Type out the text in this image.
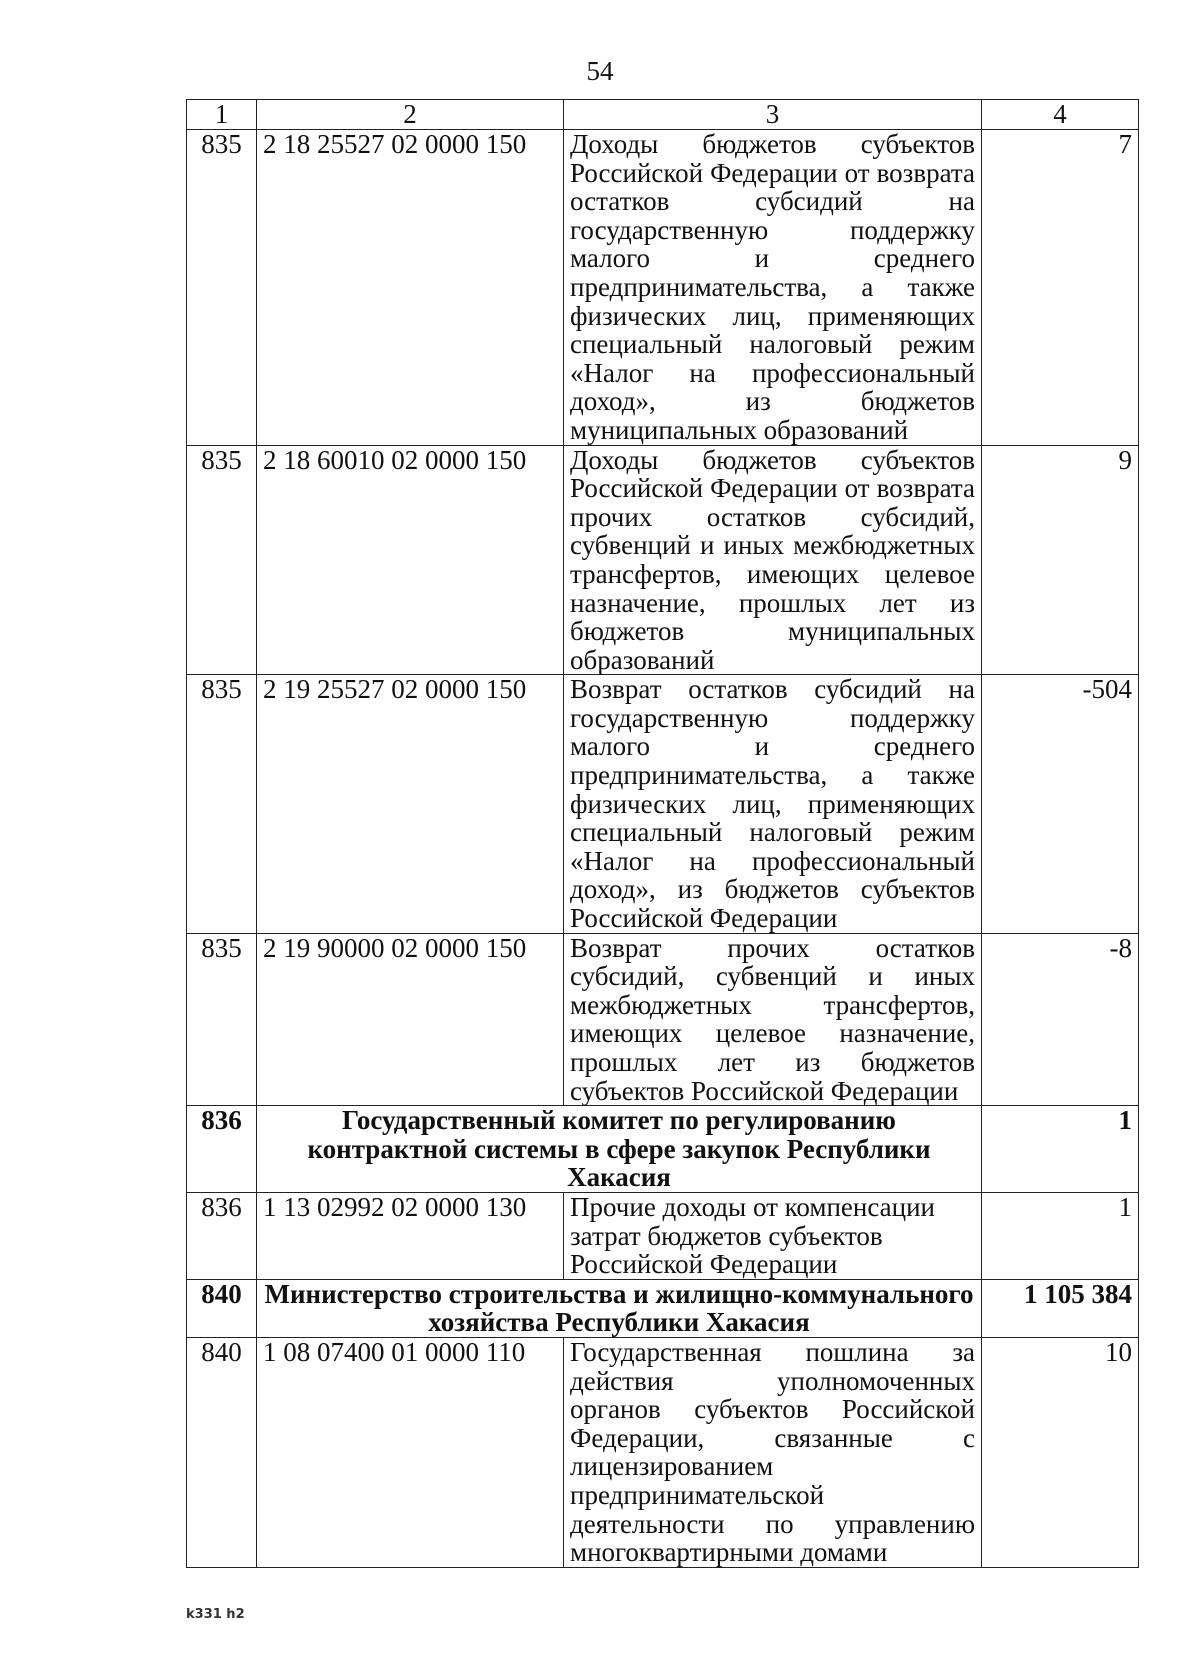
54
1	2	3	4
835	2 18 25527 02 0000 150	Доходы бюджетов субъектов Российской Федерации от возврата остатков субсидий на государственную поддержку малого и среднего предпринимательства, а также физических лиц, применяющих специальный налоговый режим «Налог на профессиональный доход», из бюджетов муниципальных образований	7
835	2 18 60010 02 0000 150	Доходы бюджетов субъектов Российской Федерации от возврата прочих остатков субсидий, субвенций и иных межбюджетных трансфертов, имеющих целевое назначение, прошлых лет из бюджетов муниципальных образований	9
835	2 19 25527 02 0000 150	Возврат остатков субсидий на государственную поддержку малого и среднего предпринимательства, а также физических лиц, применяющих специальный налоговый режим «Налог на профессиональный доход», из бюджетов субъектов Российской Федерации	-504
835	2 19 90000 02 0000 150	Возврат прочих остатков субсидий, субвенций и иных межбюджетных трансфертов, имеющих целевое назначение, прошлых лет из бюджетов субъектов Российской Федерации	-8
836	Государственный комитет по регулированию контрактной системы в сфере закупок Республики Хакасия		1
836	1 13 02992 02 0000 130	Прочие доходы от компенсации затрат бюджетов субъектов Российской Федерации	1
840	Министерство строительства и жилищно-коммунального хозяйства Республики Хакасия		1 105 384
840	1 08 07400 01 0000 110	Государственная пошлина за действия уполномоченных органов субъектов Российской Федерации, связанные с лицензированием предпринимательской деятельности по управлению многоквартирными домами	10
k331 h2
